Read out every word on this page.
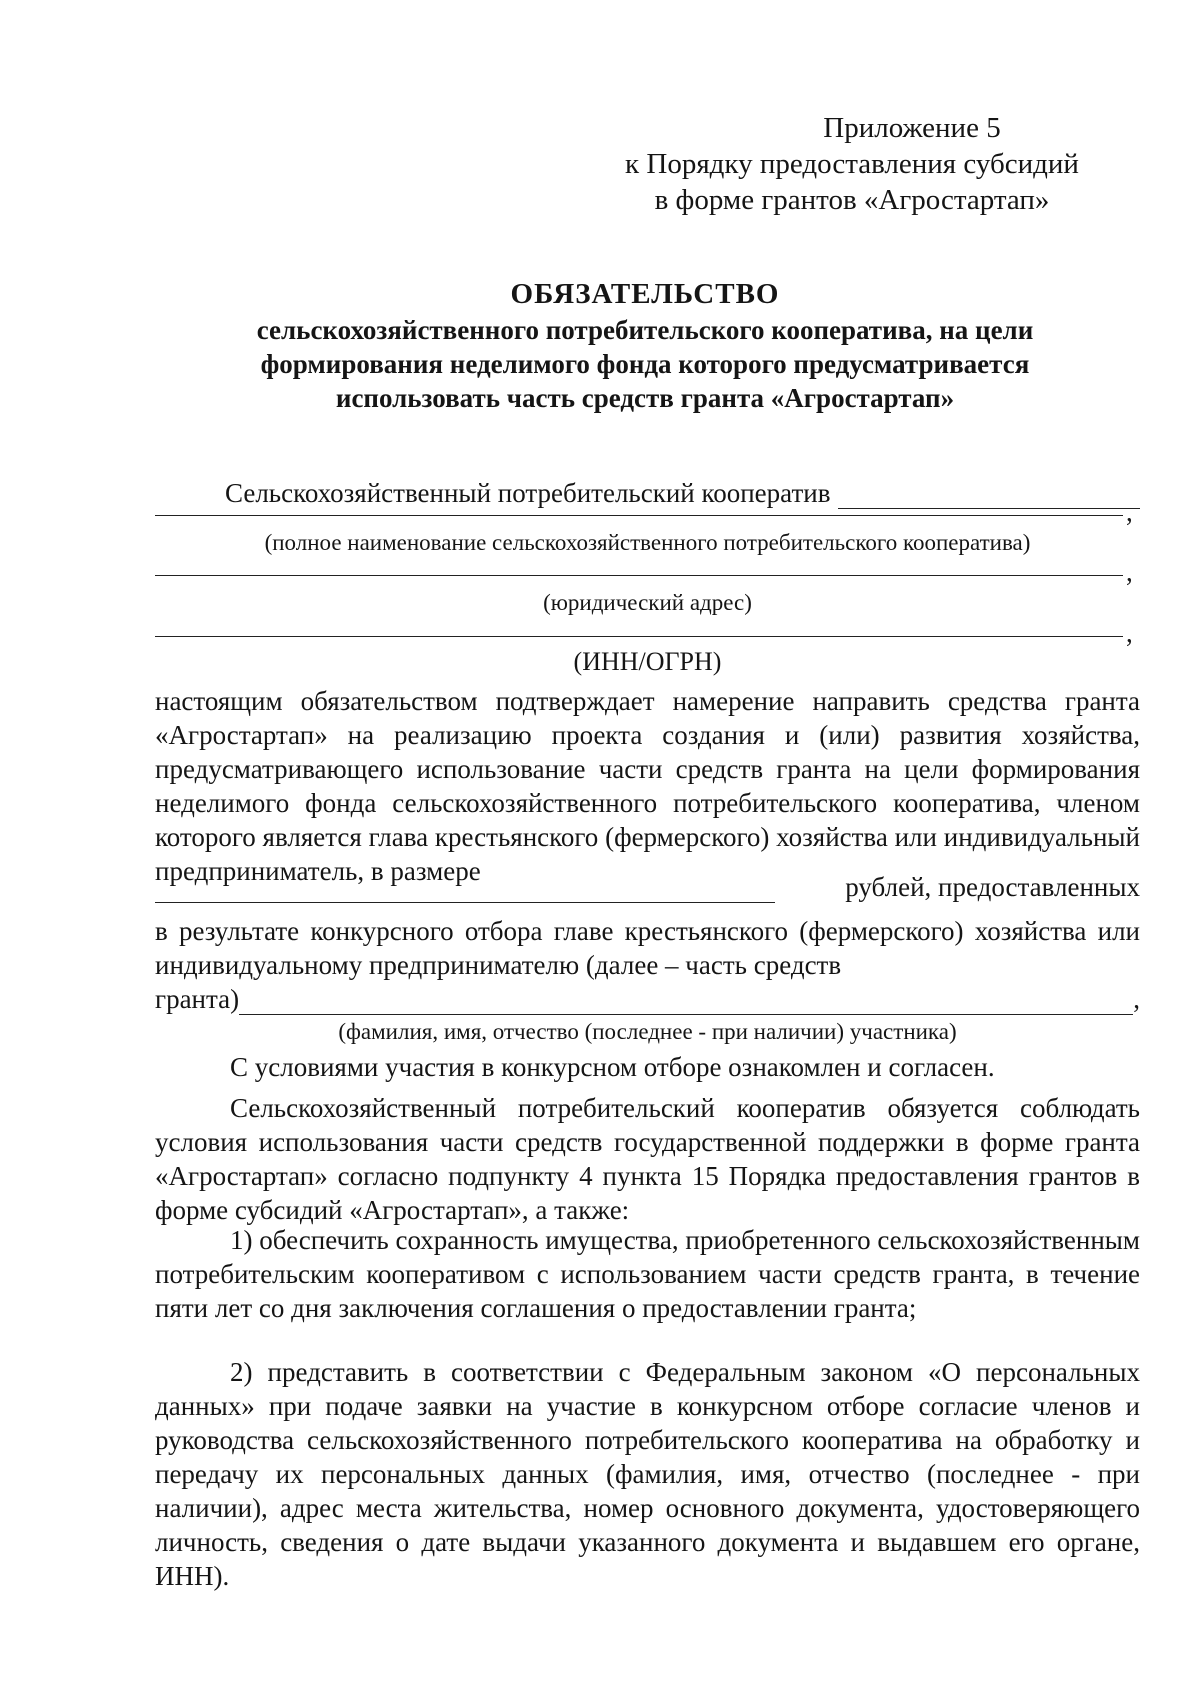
Приложение 5
к Порядку предоставления субсидий
в форме грантов «Агростартап»
ОБЯЗАТЕЛЬСТВО
сельскохозяйственного потребительского кооператива, на цели
формирования неделимого фонда которого предусматривается
использовать часть средств гранта «Агростартап»
Сельскохозяйственный потребительский кооператив
,
(полное наименование сельскохозяйственного потребительского кооператива)
,
(юридический адрес)
,
(ИНН/ОГРН)
настоящим обязательством подтверждает намерение направить средства гранта «Агростартап» на реализацию проекта создания и (или) развития хозяйства, предусматривающего использование части средств гранта на цели формирования неделимого фонда сельскохозяйственного потребительского кооператива, членом которого является глава крестьянского (фермерского) хозяйства или индивидуальный предприниматель, в размере
рублей, предоставленных
в результате конкурсного отбора главе крестьянского (фермерского) хозяйства или индивидуальному предпринимателю (далее – часть средств
гранта)	,
(фамилия, имя, отчество (последнее - при наличии) участника)
С условиями участия в конкурсном отборе ознакомлен и согласен.
Сельскохозяйственный потребительский кооператив обязуется соблюдать условия использования части средств государственной поддержки в форме гранта «Агростартап» согласно подпункту 4 пункта 15 Порядка предоставления грантов в форме субсидий «Агростартап», а также:
1) обеспечить сохранность имущества, приобретенного сельскохозяйственным потребительским кооперативом с использованием части средств гранта, в течение пяти лет со дня заключения соглашения о предоставлении гранта;
2) представить в соответствии с Федеральным законом «О персональных данных» при подаче заявки на участие в конкурсном отборе согласие членов и руководства сельскохозяйственного потребительского кооператива на обработку и передачу их персональных данных (фамилия, имя, отчество (последнее - при наличии), адрес места жительства, номер основного документа, удостоверяющего личность, сведения о дате выдачи указанного документа и выдавшем его органе, ИНН).
